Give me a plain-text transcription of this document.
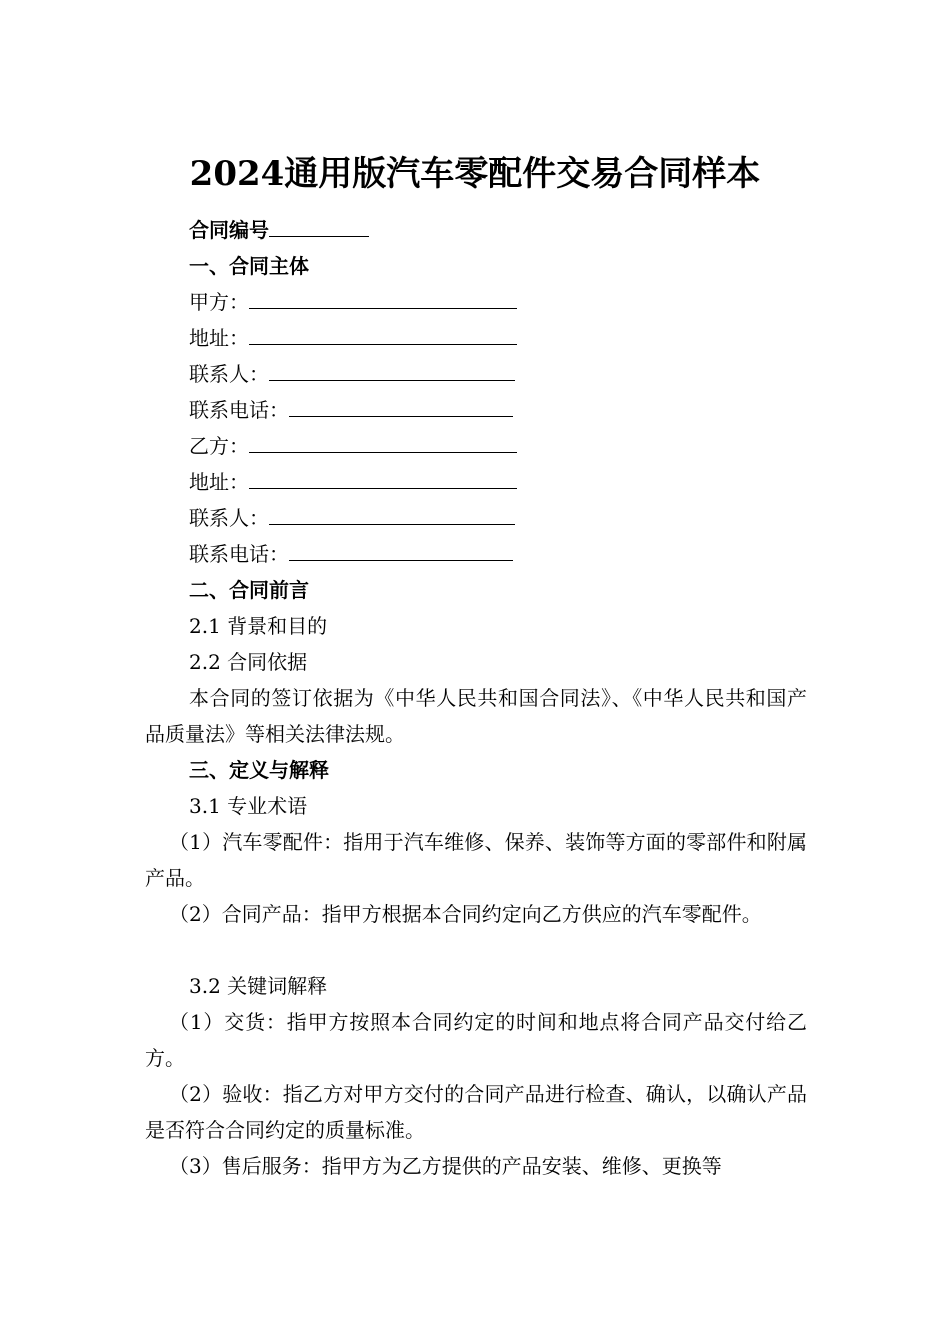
2024通用版汽车零配件交易合同样本
合同编号
一、合同主体
甲方：
地址：
联系人：
联系电话：
乙方：
地址：
联系人：
联系电话：
二、合同前言
2.1 背景和目的
2.2 合同依据
本合同的签订依据为《中华人民共和国合同法》、《中华人民共和国产品质量法》等相关法律法规。
三、定义与解释
3.1 专业术语
（1）汽车零配件：指用于汽车维修、保养、装饰等方面的零部件和附属产品。
（2）合同产品：指甲方根据本合同约定向乙方供应的汽车零配件。
3.2 关键词解释
（1）交货：指甲方按照本合同约定的时间和地点将合同产品交付给乙方。
（2）验收：指乙方对甲方交付的合同产品进行检查、确认，以确认产品是否符合合同约定的质量标准。
（3）售后服务：指甲方为乙方提供的产品安装、维修、更换等
